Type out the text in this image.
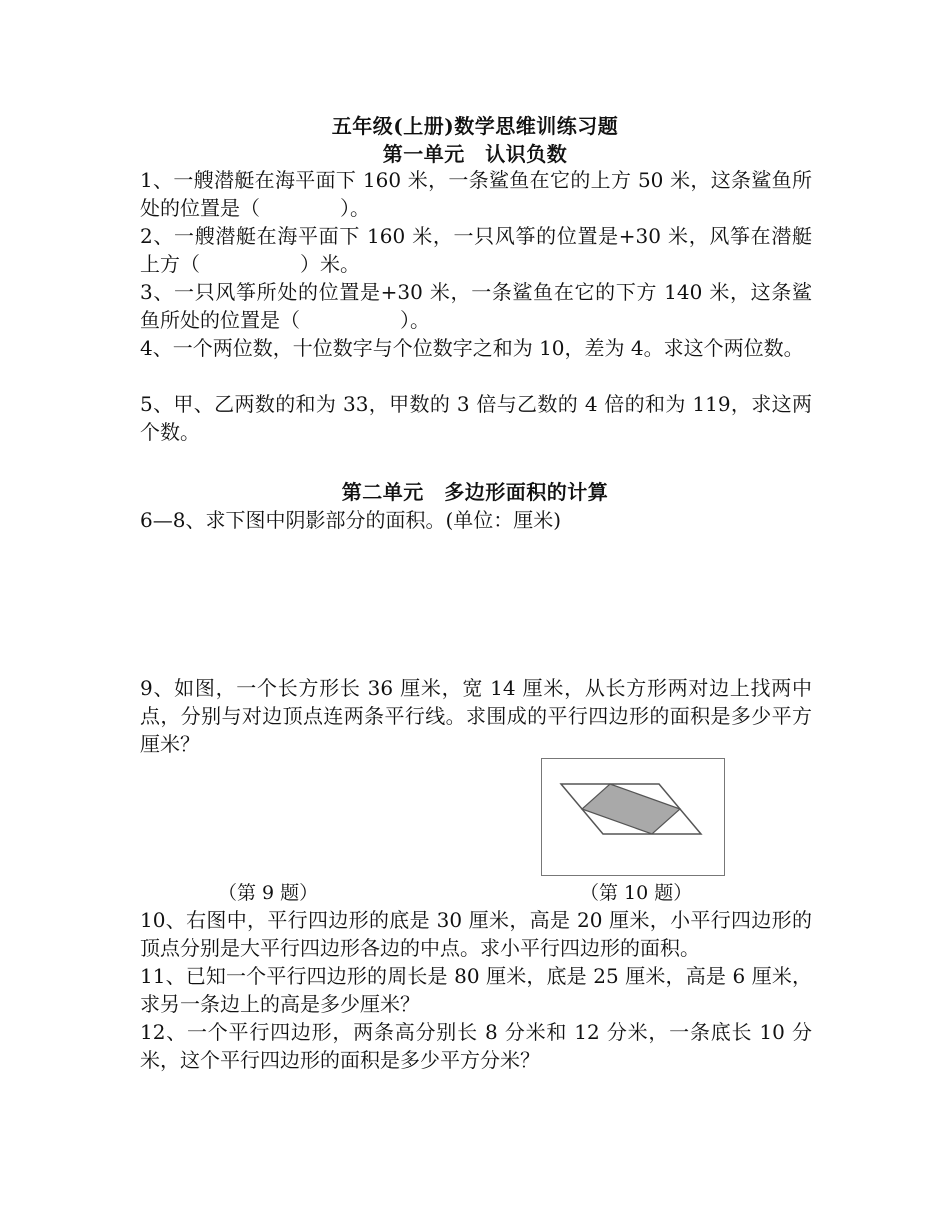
五年级(上册)数学思维训练习题
第一单元　认识负数
1、一艘潜艇在海平面下 160 米，一条鲨鱼在它的上方 50 米，这条鲨鱼所处的位置是（　　　　）。
2、一艘潜艇在海平面下 160 米，一只风筝的位置是+30 米，风筝在潜艇上方（　　　　　）米。
3、一只风筝所处的位置是+30 米，一条鲨鱼在它的下方 140 米，这条鲨鱼所处的位置是（　　　　　）。
4、一个两位数，十位数字与个位数字之和为 10，差为 4。求这个两位数。
5、甲、乙两数的和为 33，甲数的 3 倍与乙数的 4 倍的和为 119，求这两个数。
第二单元　多边形面积的计算
6—8、求下图中阴影部分的面积。(单位：厘米)
9、如图，一个长方形长 36 厘米，宽 14 厘米，从长方形两对边上找两中点，分别与对边顶点连两条平行线。求围成的平行四边形的面积是多少平方厘米？
（第 9 题）	（第 10 题）
10、右图中，平行四边形的底是 30 厘米，高是 20 厘米，小平行四边形的顶点分别是大平行四边形各边的中点。求小平行四边形的面积。
11、已知一个平行四边形的周长是 80 厘米，底是 25 厘米，高是 6 厘米，求另一条边上的高是多少厘米？
12、一个平行四边形，两条高分别长 8 分米和 12 分米，一条底长 10 分米，这个平行四边形的面积是多少平方分米？
